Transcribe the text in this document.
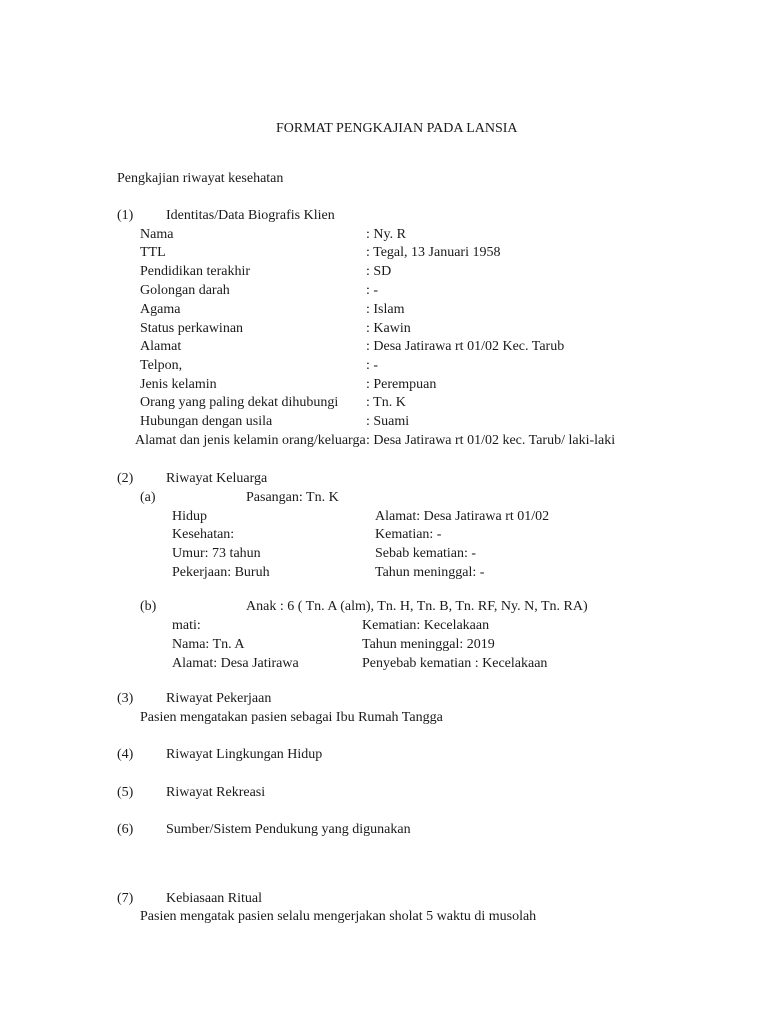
FORMAT PENGKAJIAN PADA LANSIA
Pengkajian riwayat kesehatan
(1) Identitas/Data Biografis Klien
Nama	: Ny. R
TTL	: Tegal, 13 Januari 1958
Pendidikan terakhir	: SD
Golongan darah	: -
Agama	: Islam
Status perkawinan	: Kawin
Alamat	: Desa Jatirawa rt 01/02 Kec. Tarub
Telpon,	: -
Jenis kelamin	: Perempuan
Orang yang paling dekat dihubungi : Tn. K
Hubungan dengan usila	: Suami
Alamat dan jenis kelamin orang/keluarga : Desa Jatirawa rt 01/02 kec. Tarub/ laki-laki
(2) Riwayat Keluarga
(a)	Pasangan: Tn. K
Hidup	Alamat: Desa Jatirawa rt 01/02
Kesehatan:	Kematian: -
Umur: 73 tahun	Sebab kematian: -
Pekerjaan: Buruh	Tahun meninggal: -
(b)	Anak : 6 ( Tn. A (alm), Tn. H, Tn. B, Tn. RF, Ny. N, Tn. RA)
mati:	Kematian: Kecelakaan
Nama: Tn. A	Tahun meninggal: 2019
Alamat: Desa Jatirawa	Penyebab kematian : Kecelakaan
(3) Riwayat Pekerjaan
Pasien mengatakan pasien sebagai Ibu Rumah Tangga
(4) Riwayat Lingkungan Hidup
(5) Riwayat Rekreasi
(6) Sumber/Sistem Pendukung yang digunakan
(7) Kebiasaan Ritual
Pasien mengatak pasien selalu mengerjakan sholat 5 waktu di musolah
